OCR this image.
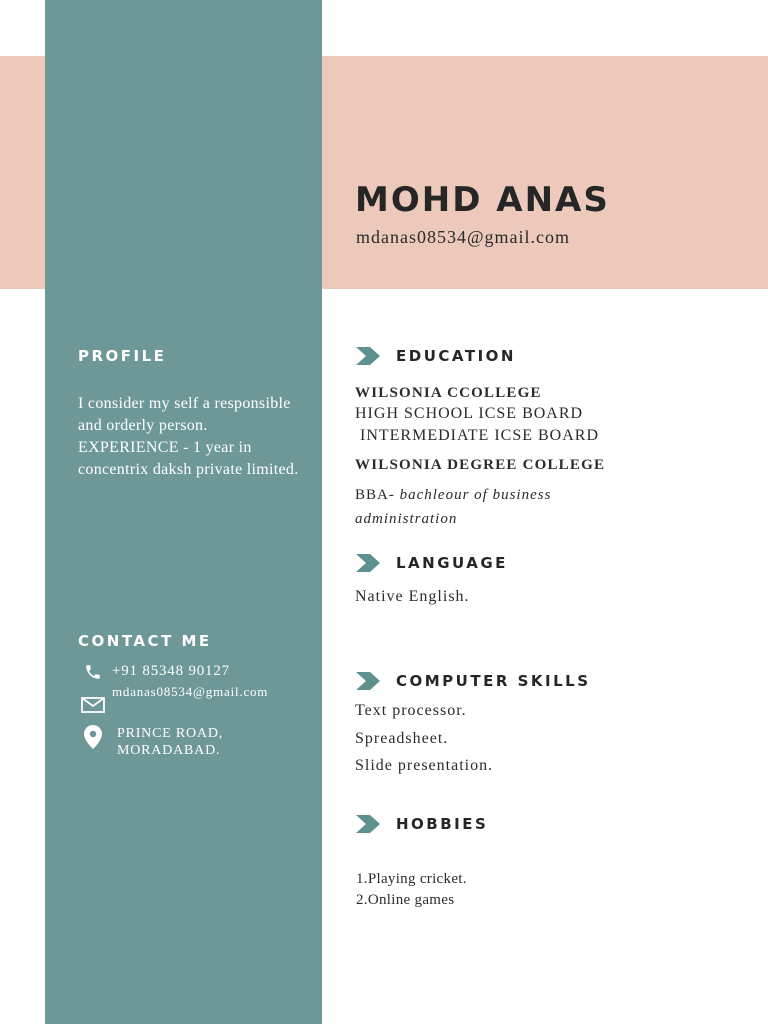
MOHD ANAS
mdanas08534@gmail.com
PROFILE
I consider my self a responsible and orderly person.
EXPERIENCE - 1 year in concentrix daksh private limited.
CONTACT ME
+91 85348 90127
mdanas08534@gmail.com
PRINCE ROAD,
MORADABAD.
EDUCATION
WILSONIA CCOLLEGE
HIGH SCHOOL ICSE BOARD
INTERMEDIATE ICSE BOARD
WILSONIA DEGREE COLLEGE
BBA- bachleour of business
administration
LANGUAGE
Native English.
COMPUTER SKILLS
Text processor.
Spreadsheet.
Slide presentation.
HOBBIES
1.Playing cricket.
2.Online games
